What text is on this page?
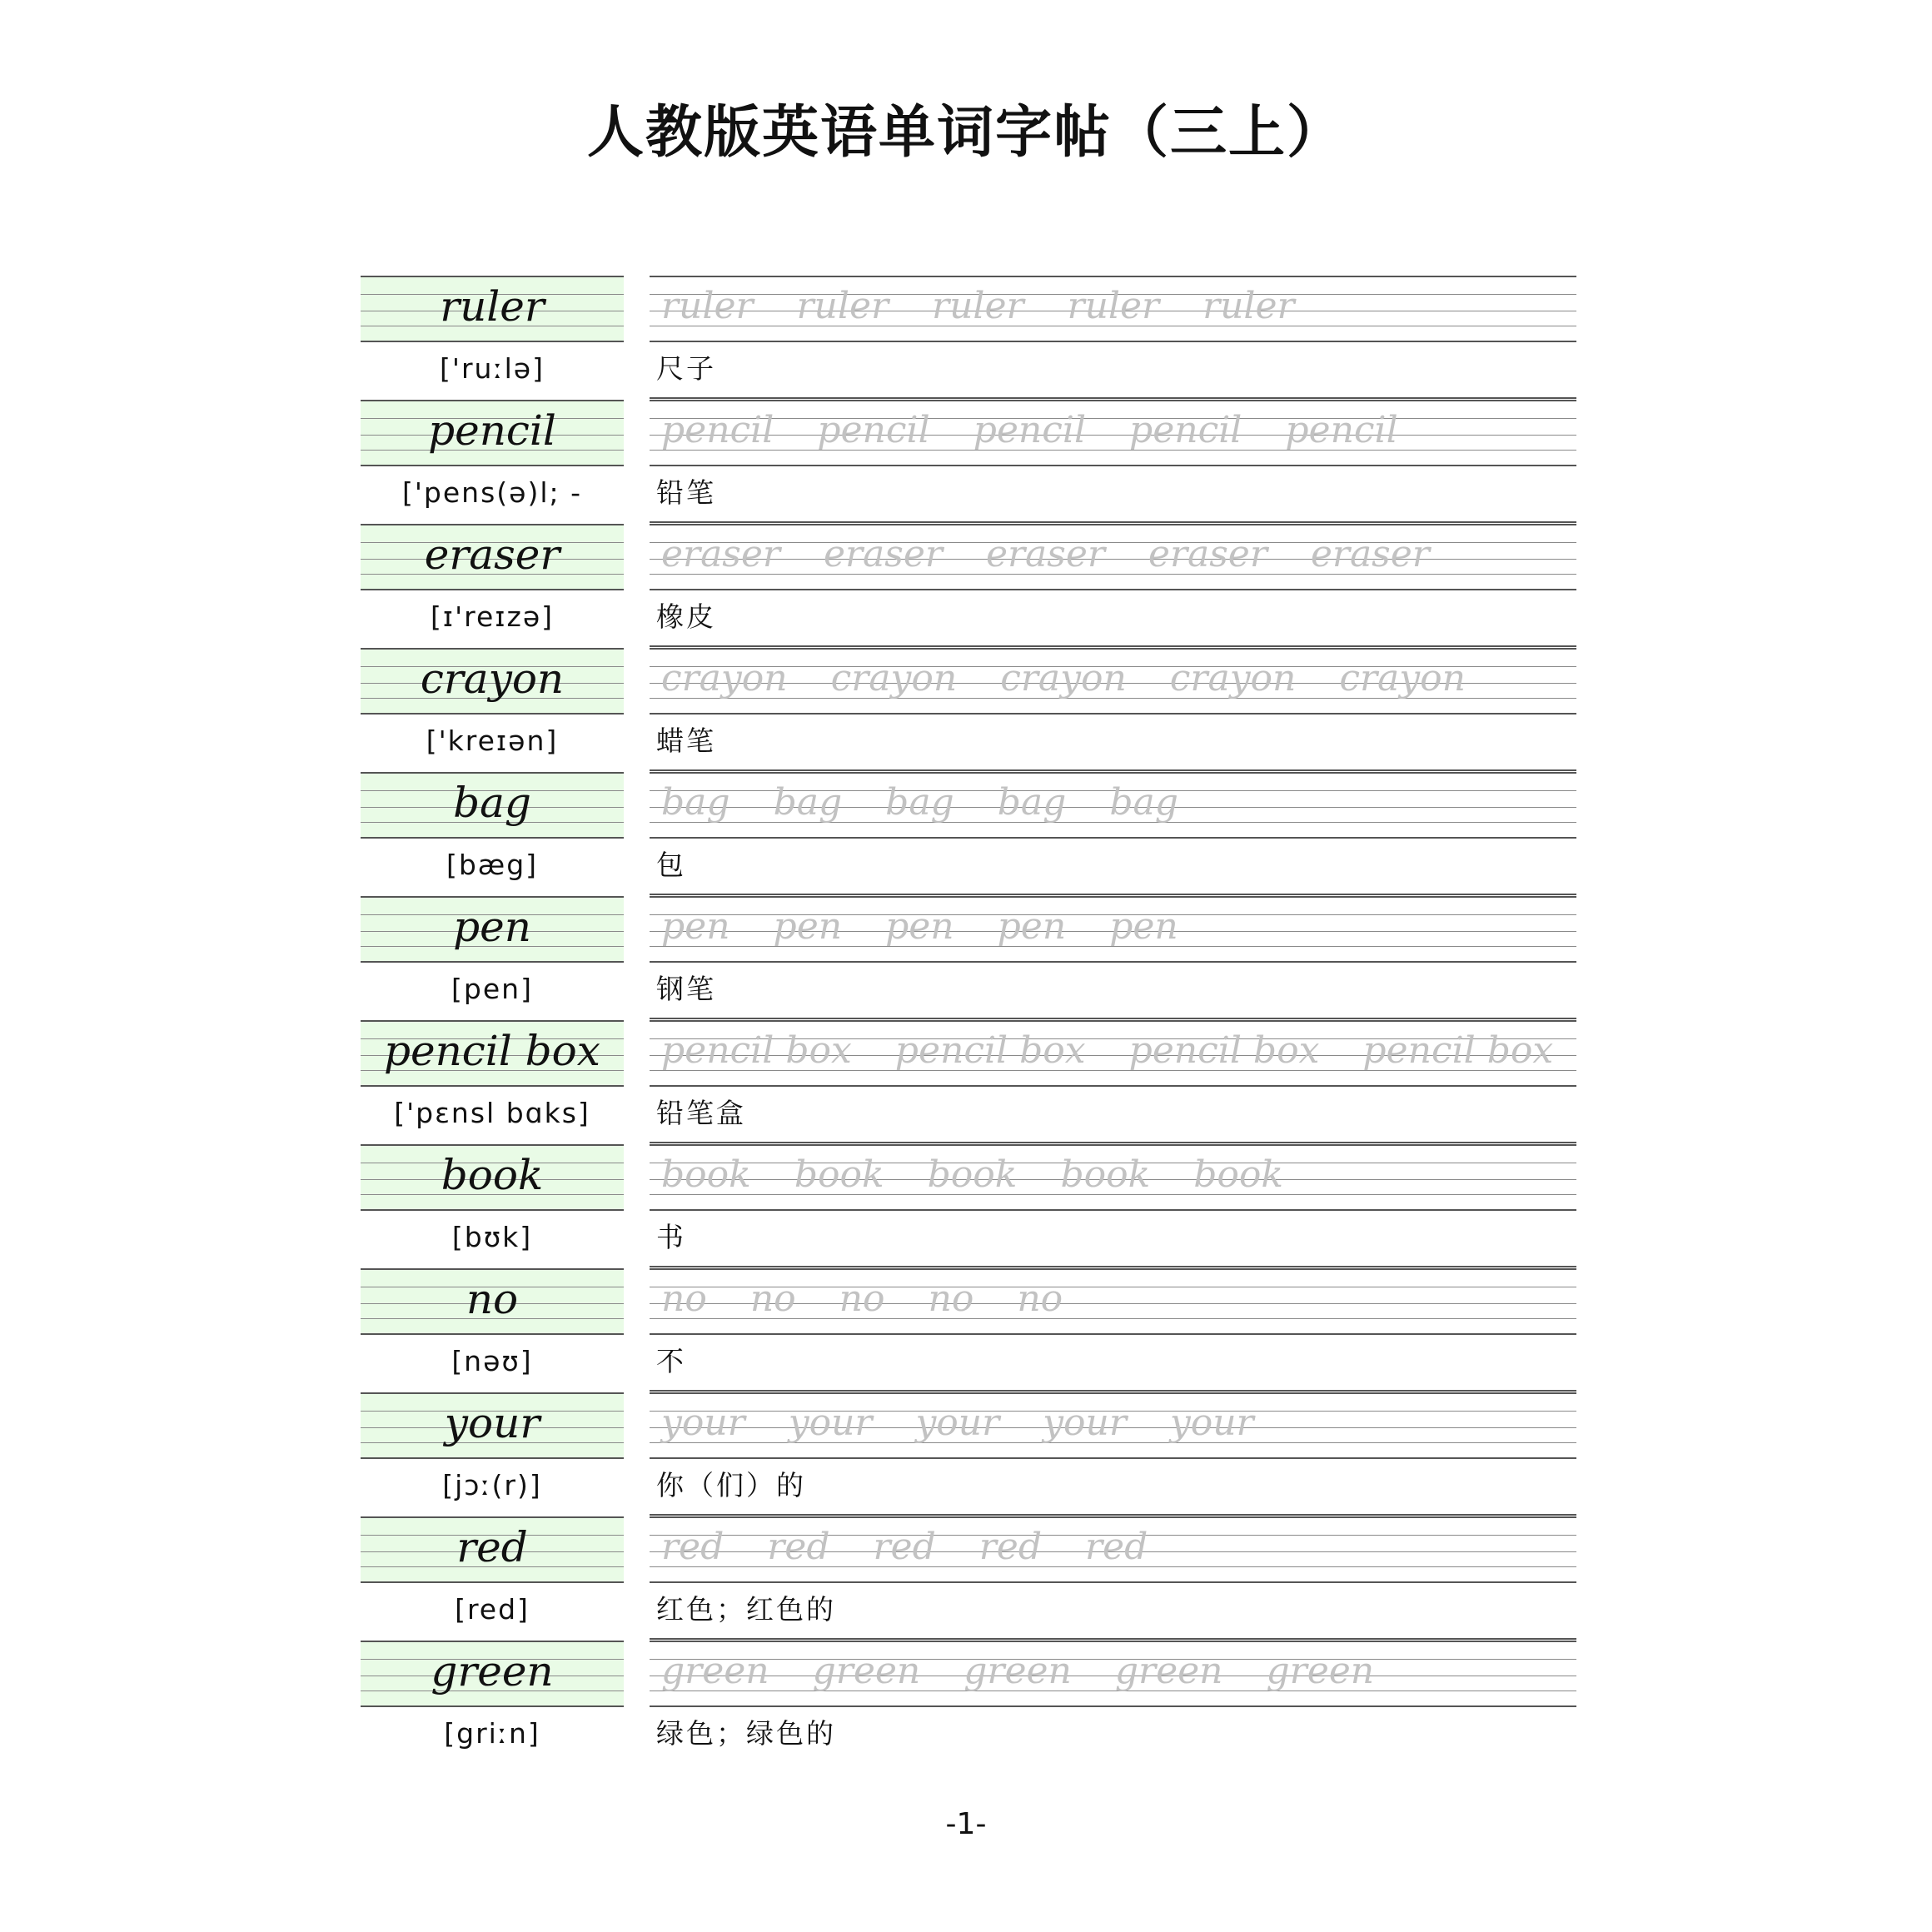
人教版英语单词字帖（三上）
ruler	ruler ruler ruler ruler ruler
['ruːlə]	尺子
pencil	pencil pencil pencil pencil pencil
['pens(ə)l; -	铅笔
eraser	eraser eraser eraser eraser eraser
[ɪ'reɪzə]	橡皮
crayon	crayon crayon crayon crayon crayon
['kreɪən]	蜡笔
bag	bag bag bag bag bag
[bæg]	包
pen	pen pen pen pen pen
[pen]	钢笔
pencil box	pencil box pencil box pencil box pencil box
['pɛnsl bɑks]	铅笔盒
book	book book book book book
[bʊk]	书
no	no no no no no
[nəʊ]	不
your	your your your your your
[jɔː(r)]	你（们）的
red	red red red red red
[red]	红色；红色的
green	green green green green green
[griːn]	绿色；绿色的
-1-
